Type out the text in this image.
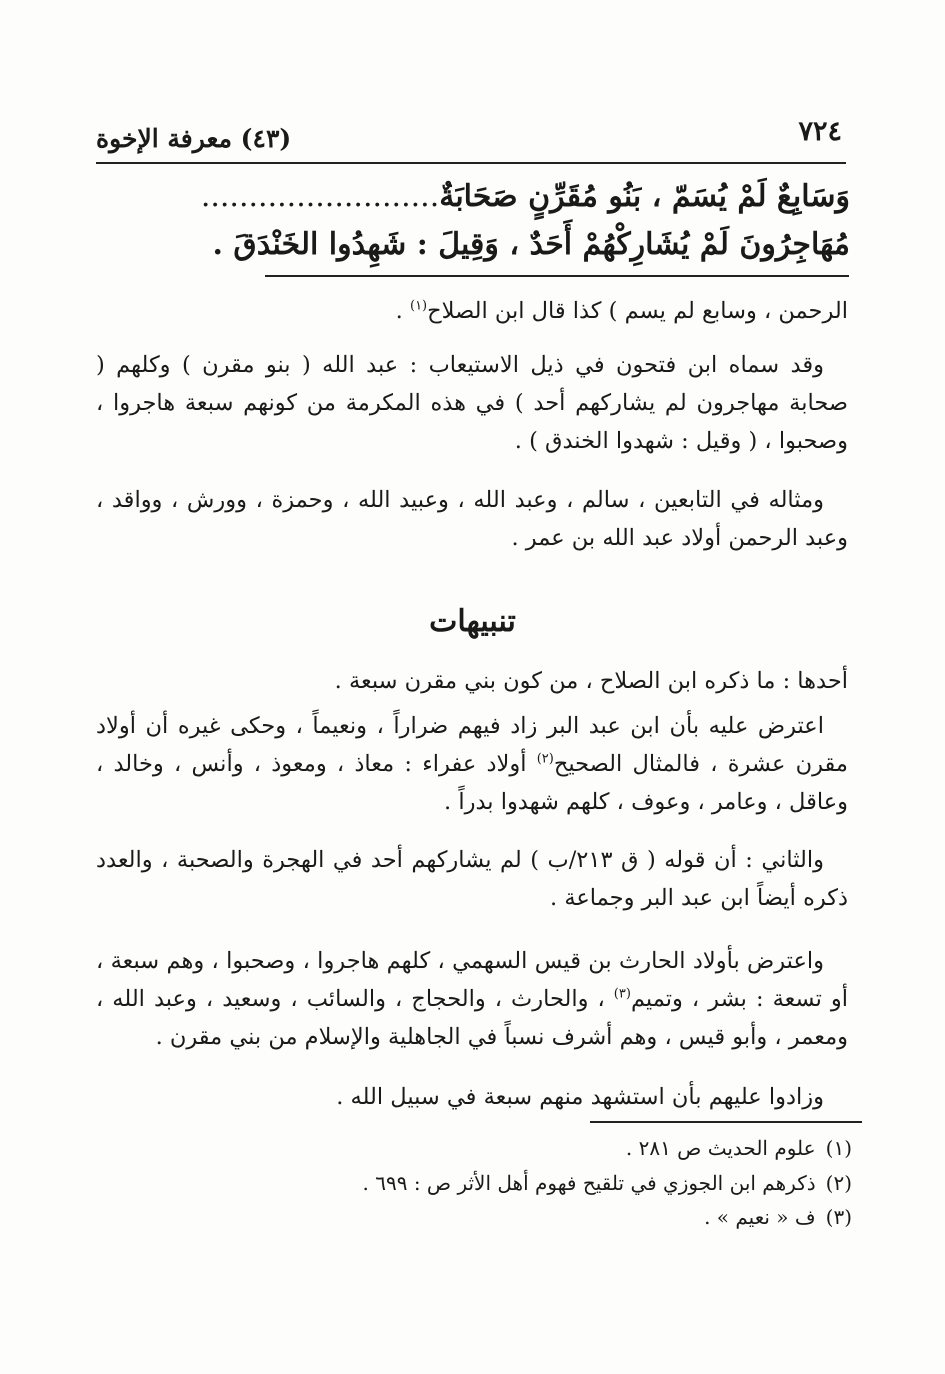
٧٢٤
(٤٣) معرفة الإخوة
وَسَابِعٌ لَمْ يُسَمّ ، بَنُو مُقَرِّنٍ صَحَابَةٌ.........................
مُهَاجِرُونَ لَمْ يُشَارِكْهُمْ أَحَدٌ ، وَقِيلَ : شَهِدُوا الخَنْدَقَ .
الرحمن ، وسابع لم يسم ) كذا قال ابن الصلاح$^{(١)}$ .
وقد سماه ابن فتحون في ذيل الاستيعاب : عبد الله ( بنو مقرن ) وكلهم ( صحابة مهاجرون لم يشاركهم أحد ) في هذه المكرمة من كونهم سبعة هاجروا ، وصحبوا ، ( وقيل : شهدوا الخندق ) .
ومثاله في التابعين ، سالم ، وعبد الله ، وعبيد الله ، وحمزة ، وورش ، وواقد ، وعبد الرحمن أولاد عبد الله بن عمر .
تنبيهات
أحدها : ما ذكره ابن الصلاح ، من كون بني مقرن سبعة .
اعترض عليه بأن ابن عبد البر زاد فيهم ضراراً ، ونعيماً ، وحكى غيره أن أولاد مقرن عشرة ، فالمثال الصحيح$^{(٢)}$ أولاد عفراء : معاذ ، ومعوذ ، وأنس ، وخالد ، وعاقل ، وعامر ، وعوف ، كلهم شهدوا بدراً .
والثاني : أن قوله ( ق ٢١٣/ب ) لم يشاركهم أحد في الهجرة والصحبة ، والعدد ذكره أيضاً ابن عبد البر وجماعة .
واعترض بأولاد الحارث بن قيس السهمي ، كلهم هاجروا ، وصحبوا ، وهم سبعة ، أو تسعة : بشر ، وتميم$^{(٣)}$ ، والحارث ، والحجاج ، والسائب ، وسعيد ، وعبد الله ، ومعمر ، وأبو قيس ، وهم أشرف نسباً في الجاهلية والإسلام من بني مقرن .
وزادوا عليهم بأن استشهد منهم سبعة في سبيل الله .
(١)علوم الحديث ص ٢٨١ .
(٢)ذكرهم ابن الجوزي في تلقيح فهوم أهل الأثر ص : ٦٩٩ .
(٣)ف « نعيم » .
